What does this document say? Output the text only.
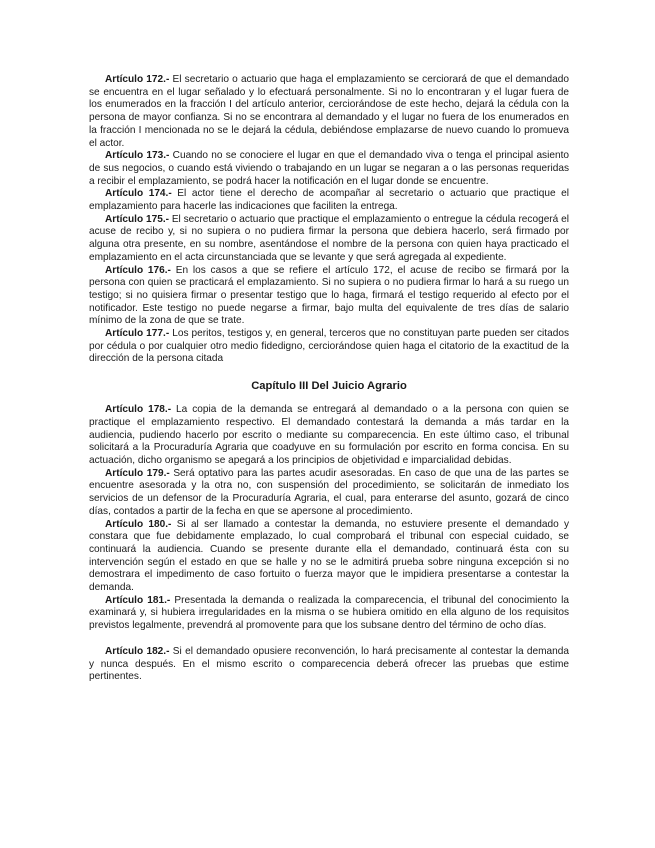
Artículo 172.- El secretario o actuario que haga el emplazamiento se cerciorará de que el demandado se encuentra en el lugar señalado y lo efectuará personalmente. Si no lo encontraran y el lugar fuera de los enumerados en la fracción I del artículo anterior, cerciorándose de este hecho, dejará la cédula con la persona de mayor confianza. Si no se encontrara al demandado y el lugar no fuera de los enumerados en la fracción I mencionada no se le dejará la cédula, debiéndose emplazarse de nuevo cuando lo promueva el actor.

Artículo 173.- Cuando no se conociere el lugar en que el demandado viva o tenga el principal asiento de sus negocios, o cuando está viviendo o trabajando en un lugar se negaran a o las personas requeridas a recibir el emplazamiento, se podrá hacer la notificación en el lugar donde se encuentre.

Artículo 174.- El actor tiene el derecho de acompañar al secretario o actuario que practique el emplazamiento para hacerle las indicaciones que faciliten la entrega.

Artículo 175.- El secretario o actuario que practique el emplazamiento o entregue la cédula recogerá el acuse de recibo y, si no supiera o no pudiera firmar la persona que debiera hacerlo, será firmado por alguna otra presente, en su nombre, asentándose el nombre de la persona con quien haya practicado el emplazamiento en el acta circunstanciada que se levante y que será agregada al expediente.

Artículo 176.- En los casos a que se refiere el artículo 172, el acuse de recibo se firmará por la persona con quien se practicará el emplazamiento. Si no supiera o no pudiera firmar lo hará a su ruego un testigo; si no quisiera firmar o presentar testigo que lo haga, firmará el testigo requerido al efecto por el notificador. Este testigo no puede negarse a firmar, bajo multa del equivalente de tres días de salario mínimo de la zona de que se trate.

Artículo 177.- Los peritos, testigos y, en general, terceros que no constituyan parte pueden ser citados por cédula o por cualquier otro medio fidedigno, cerciorándose quien haga el citatorio de la exactitud de la dirección de la persona citada

Capítulo III Del Juicio Agrario

Artículo 178.- La copia de la demanda se entregará al demandado o a la persona con quien se practique el emplazamiento respectivo. El demandado contestará la demanda a más tardar en la audiencia, pudiendo hacerlo por escrito o mediante su comparecencia. En este último caso, el tribunal solicitará a la Procuraduría Agraria que coadyuve en su formulación por escrito en forma concisa. En su actuación, dicho organismo se apegará a los principios de objetividad e imparcialidad debidas.

Artículo 179.- Será optativo para las partes acudir asesoradas. En caso de que una de las partes se encuentre asesorada y la otra no, con suspensión del procedimiento, se solicitarán de inmediato los servicios de un defensor de la Procuraduría Agraria, el cual, para enterarse del asunto, gozará de cinco días, contados a partir de la fecha en que se apersone al procedimiento.

Artículo 180.- Si al ser llamado a contestar la demanda, no estuviere presente el demandado y constara que fue debidamente emplazado, lo cual comprobará el tribunal con especial cuidado, se continuará la audiencia. Cuando se presente durante ella el demandado, continuará ésta con su intervención según el estado en que se halle y no se le admitirá prueba sobre ninguna excepción si no demostrara el impedimento de caso fortuito o fuerza mayor que le impidiera presentarse a contestar la demanda.

Artículo 181.- Presentada la demanda o realizada la comparecencia, el tribunal del conocimiento la examinará y, si hubiera irregularidades en la misma o se hubiera omitido en ella alguno de los requisitos previstos legalmente, prevendrá al promovente para que los subsane dentro del término de ocho días.

Artículo 182.- Si el demandado opusiere reconvención, lo hará precisamente al contestar la demanda y nunca después. En el mismo escrito o comparecencia deberá ofrecer las pruebas que estime pertinentes.
